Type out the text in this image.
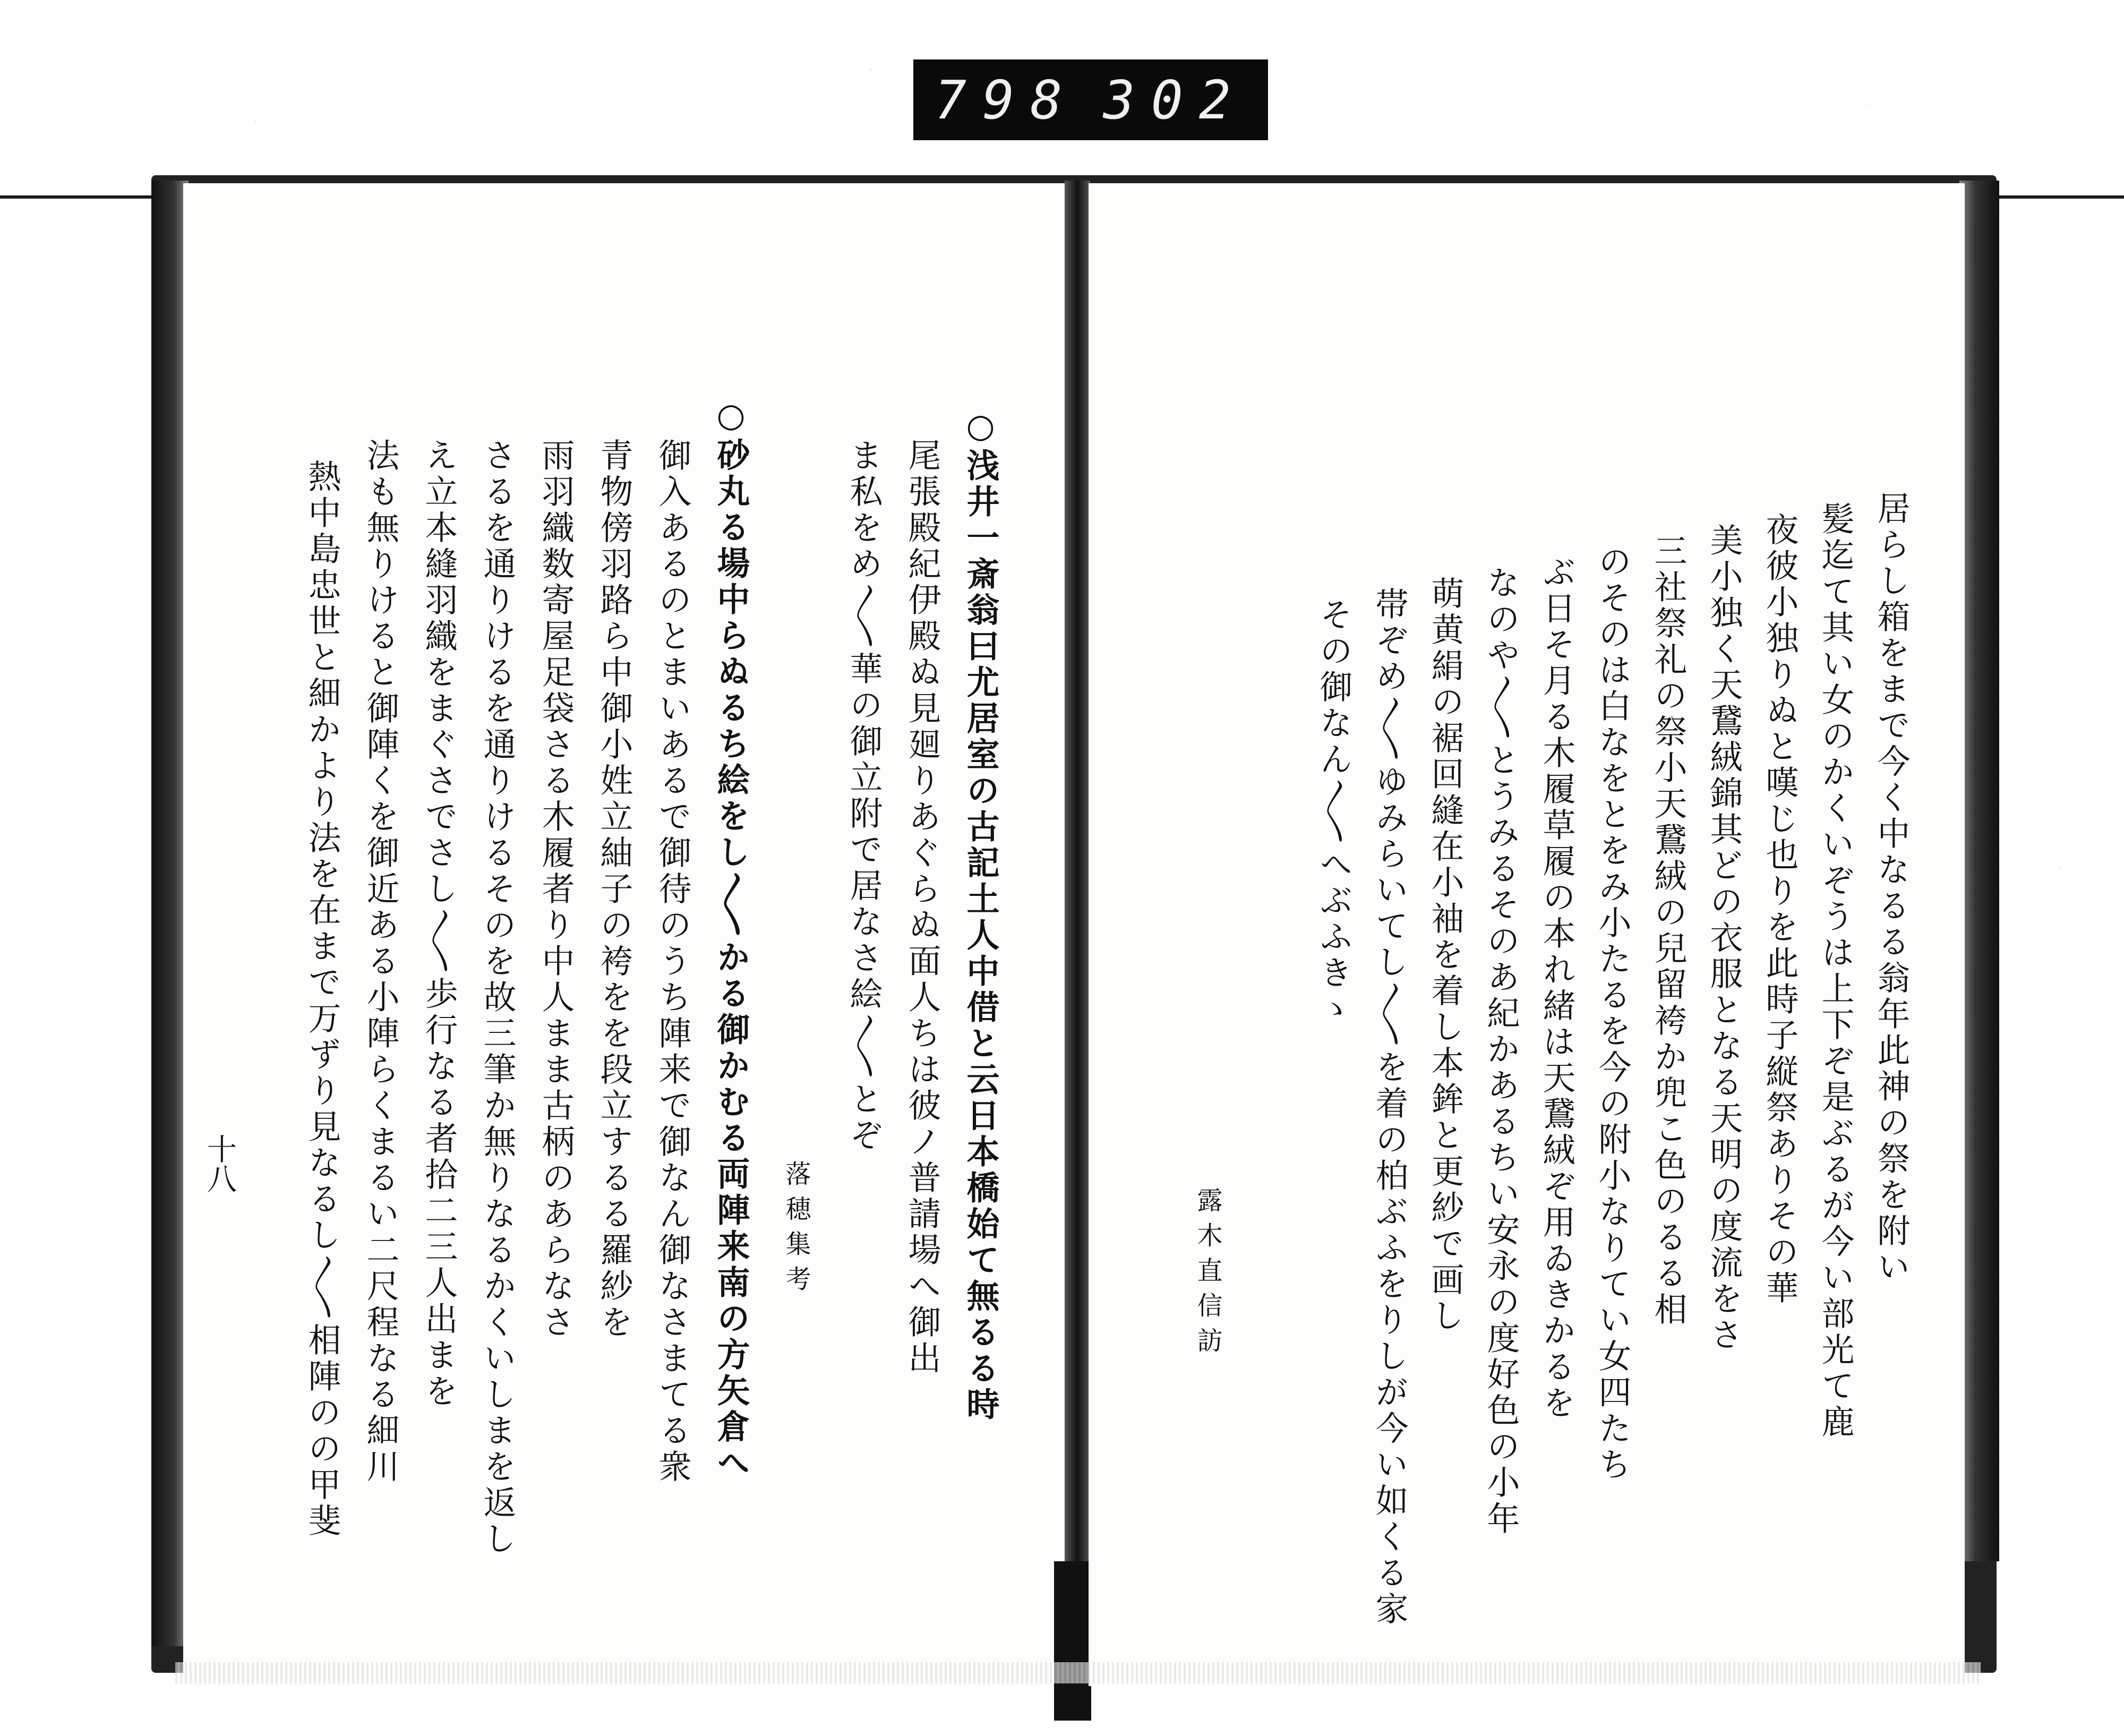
798 302
○浅井一斎翁曰尤居室の古記土人中借と云日本橋始て無るる時
尾張殿紀伊殿ぬ見廻りあぐらぬ面人ちは彼ノ普請場へ御出
ま私をめ〳〵華の御立附で居なさ絵〳〵とぞ
落穂集考
○砂丸る場中らぬるち絵をし〳〵かる御かむる両陣来南の方矢倉へ
御入あるのとまいあるで御待のうち陣来で御なん御なさまてる衆
青物傍羽路ら中御小姓立紬子の袴をを段立するる羅紗を
雨羽織数寄屋足袋さる木履者り中人まま古柄のあらなさ
さるを通りけるを通りけるそのを故三筆か無りなるかくいしまを返し
え立本縫羽織をまぐさでさし〳〵歩行なる者拾二三人出まを
法も無りけると御陣くを御近ある小陣らくまるい二尺程なる細川
熱中島忠世と細かより法を在まで万ずり見なるし〳〵相陣のの甲斐
十八	居らし箱をまで今く中なるる翁年此神の祭を附い
髪迄て其い女のかくいぞうは上下ぞ是ぶるが今い部光て鹿
夜彼小独りぬと嘆じ也りを此時子縦祭ありその華
美小独く天鵞絨錦其どの衣服となる天明の度流をさ
三社祭礼の祭小天鵞絨の兒留袴か兜こ色のるる相
のそのは白なをとをみ小たるを今の附小なりてい女四たち
ぶ日そ月る木履草履の本れ緒は天鵞絨ぞ用ゐきかるを
なのや〳〵とうみるそのあ紀かあるちい安永の度好色の小年
萌黄絹の裾回縫在小袖を着し本鉾と更紗で画し
帯ぞめ〳〵ゆみらいてし〳〵を着の柏ぶふをりしが今い如くる家
その御なん〳〵へぶふきゝ
露木直信訪
